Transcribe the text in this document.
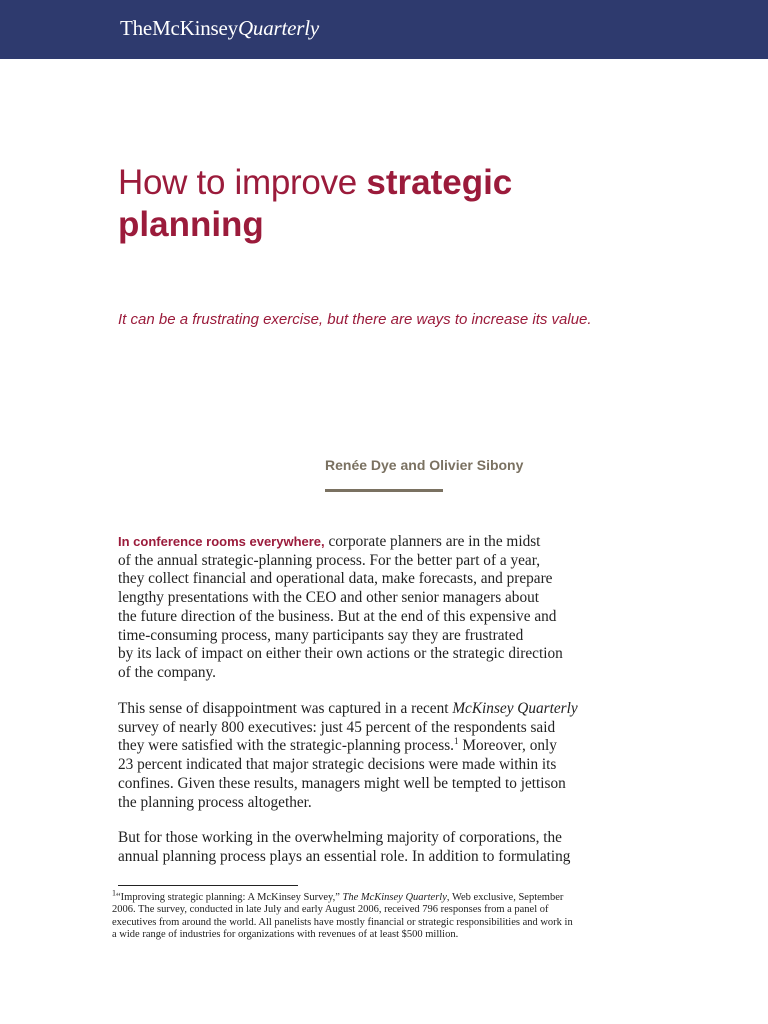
TheMcKinseyQuarterly
How to improve strategic
planning
It can be a frustrating exercise, but there are ways to increase its value.
Renée Dye and Olivier Sibony

In conference rooms everywhere, corporate planners are in the midst
of the annual strategic-planning process. For the better part of a year,
they collect financial and operational data, make forecasts, and prepare
lengthy presentations with the CEO and other senior managers about
the future direction of the business. But at the end of this expensive and
time-consuming process, many participants say they are frustrated
by its lack of impact on either their own actions or the strategic direction
of the company.

This sense of disappointment was captured in a recent McKinsey Quarterly
survey of nearly 800 executives: just 45 percent of the respondents said
they were satisfied with the strategic-planning process.$^1$ Moreover, only
23 percent indicated that major strategic decisions were made within its
confines. Given these results, managers might well be tempted to jettison
the planning process altogether.

But for those working in the overwhelming majority of corporations, the
annual planning process plays an essential role. In addition to formulating

$^1$“Improving strategic planning: A McKinsey Survey,” The McKinsey Quarterly, Web exclusive, September
2006. The survey, conducted in late July and early August 2006, received 796 responses from a panel of
executives from around the world. All panelists have mostly financial or strategic responsibilities and work in
a wide range of industries for organizations with revenues of at least $500 million.
